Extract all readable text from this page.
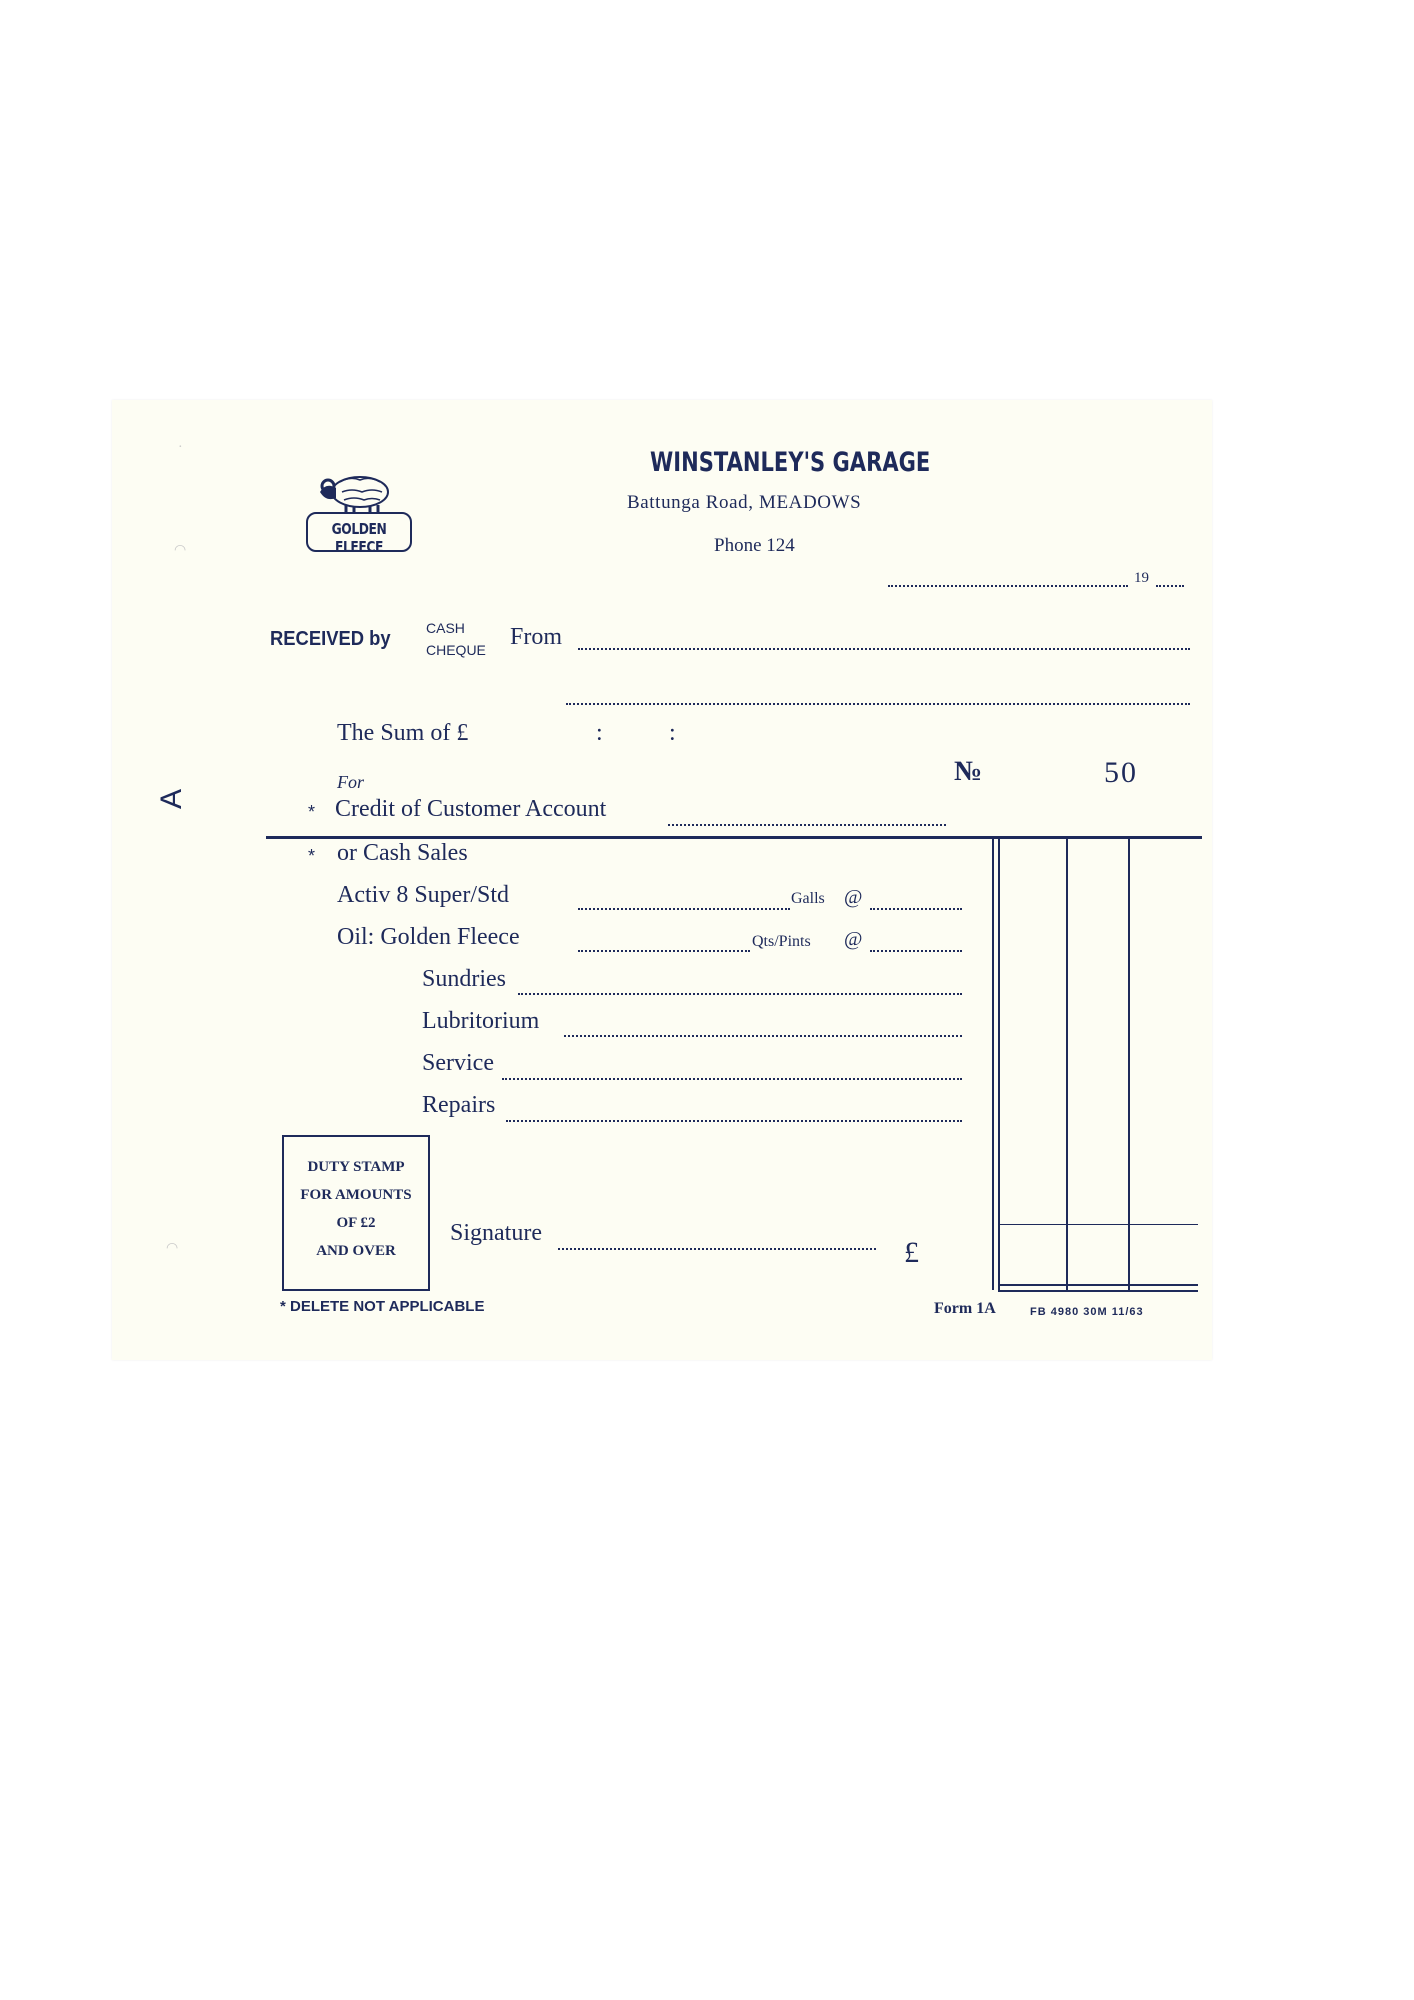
·
◠
◠
GOLDEN FLEECE
WINSTANLEY'S GARAGE
Battunga Road, MEADOWS
Phone 124
19
RECEIVED by	CASH
CHEQUE From
The Sum of £	:	:
№	50
A
For
* Credit of Customer Account
* or Cash Sales
Activ 8 Super/Std	Galls @
Oil: Golden Fleece	Qts/Pints @
Sundries
Lubritorium
Service
Repairs
DUTY STAMP
FOR AMOUNTS
OF £2
AND OVER
Signature
£
* DELETE NOT APPLICABLE	Form 1A	FB 4980 30M 11/63
